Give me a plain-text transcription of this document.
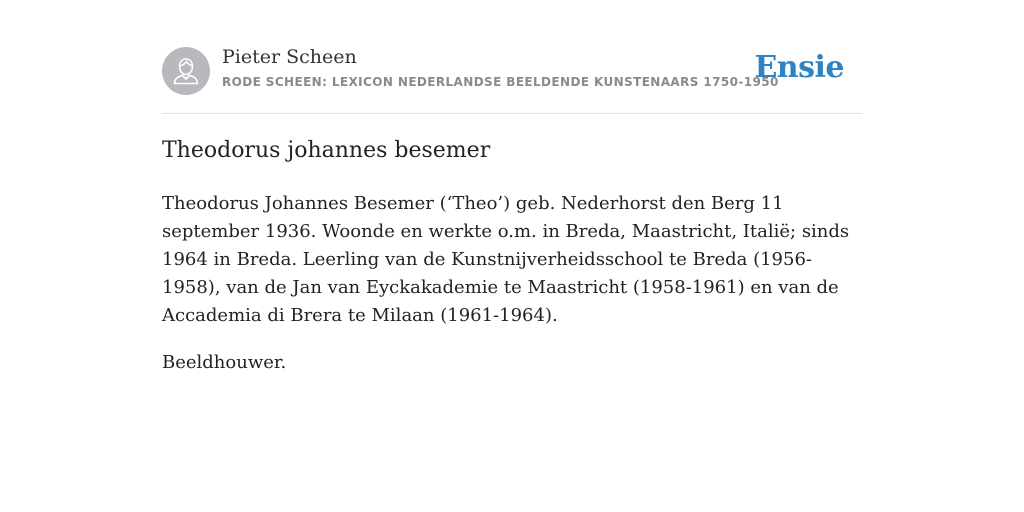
Pieter Scheen
RODE SCHEEN: LEXICON NEDERLANDSE BEELDENDE KUNSTENAARS 1750-1950
Ensie
Theodorus johannes besemer

Theodorus Johannes Besemer (‘Theo’) geb. Nederhorst den Berg 11 september 1936. Woonde en werkte o.m. in Breda, Maastricht, Italië; sinds 1964 in Breda. Leerling van de Kunstnijverheidsschool te Breda (1956-1958), van de Jan van Eyckakademie te Maastricht (1958-1961) en van de Accademia di Brera te Milaan (1961-1964).

Beeldhouwer.
